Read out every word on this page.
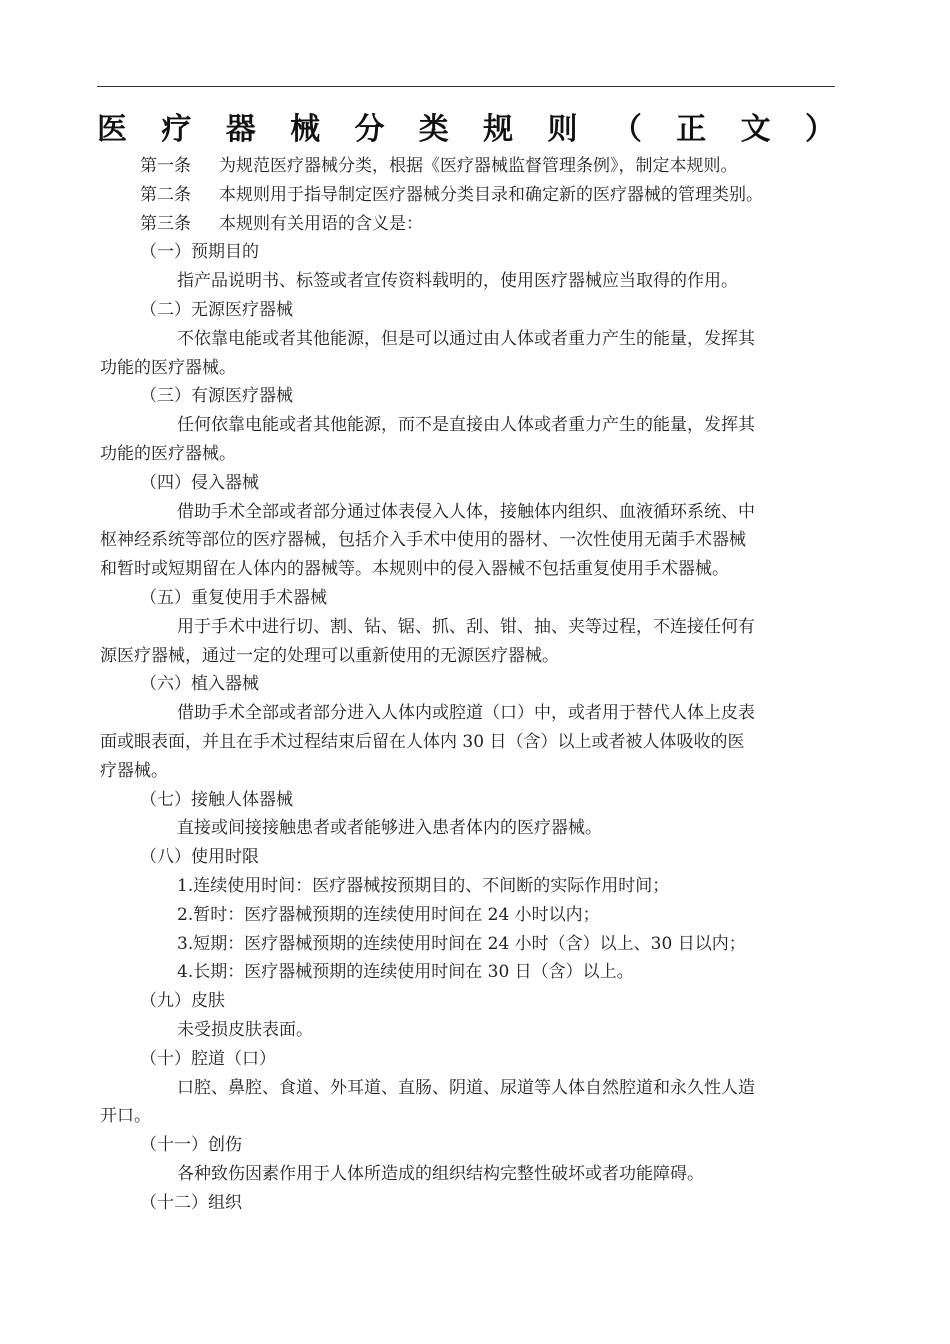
医 疗 器 械 分 类 规 则 （ 正 文 ）
第一条 为规范医疗器械分类，根据《医疗器械监督管理条例》，制定本规则。
第二条 本规则用于指导制定医疗器械分类目录和确定新的医疗器械的管理类别。
第三条 本规则有关用语的含义是：
（一）预期目的
指产品说明书、标签或者宣传资料载明的，使用医疗器械应当取得的作用。
（二）无源医疗器械
不依靠电能或者其他能源，但是可以通过由人体或者重力产生的能量，发挥其
功能的医疗器械。
（三）有源医疗器械
任何依靠电能或者其他能源，而不是直接由人体或者重力产生的能量，发挥其
功能的医疗器械。
（四）侵入器械
借助手术全部或者部分通过体表侵入人体，接触体内组织、血液循环系统、中
枢神经系统等部位的医疗器械，包括介入手术中使用的器材、一次性使用无菌手术器械
和暂时或短期留在人体内的器械等。本规则中的侵入器械不包括重复使用手术器械。
（五）重复使用手术器械
用于手术中进行切、割、钻、锯、抓、刮、钳、抽、夹等过程，不连接任何有
源医疗器械，通过一定的处理可以重新使用的无源医疗器械。
（六）植入器械
借助手术全部或者部分进入人体内或腔道（口）中，或者用于替代人体上皮表
面或眼表面，并且在手术过程结束后留在人体内 30 日（含）以上或者被人体吸收的医
疗器械。
（七）接触人体器械
直接或间接接触患者或者能够进入患者体内的医疗器械。
（八）使用时限
1.连续使用时间：医疗器械按预期目的、不间断的实际作用时间；
2.暂时：医疗器械预期的连续使用时间在 24 小时以内；
3.短期：医疗器械预期的连续使用时间在 24 小时（含）以上、30 日以内；
4.长期：医疗器械预期的连续使用时间在 30 日（含）以上。
（九）皮肤
未受损皮肤表面。
（十）腔道（口）
口腔、鼻腔、食道、外耳道、直肠、阴道、尿道等人体自然腔道和永久性人造
开口。
（十一）创伤
各种致伤因素作用于人体所造成的组织结构完整性破坏或者功能障碍。
（十二）组织
